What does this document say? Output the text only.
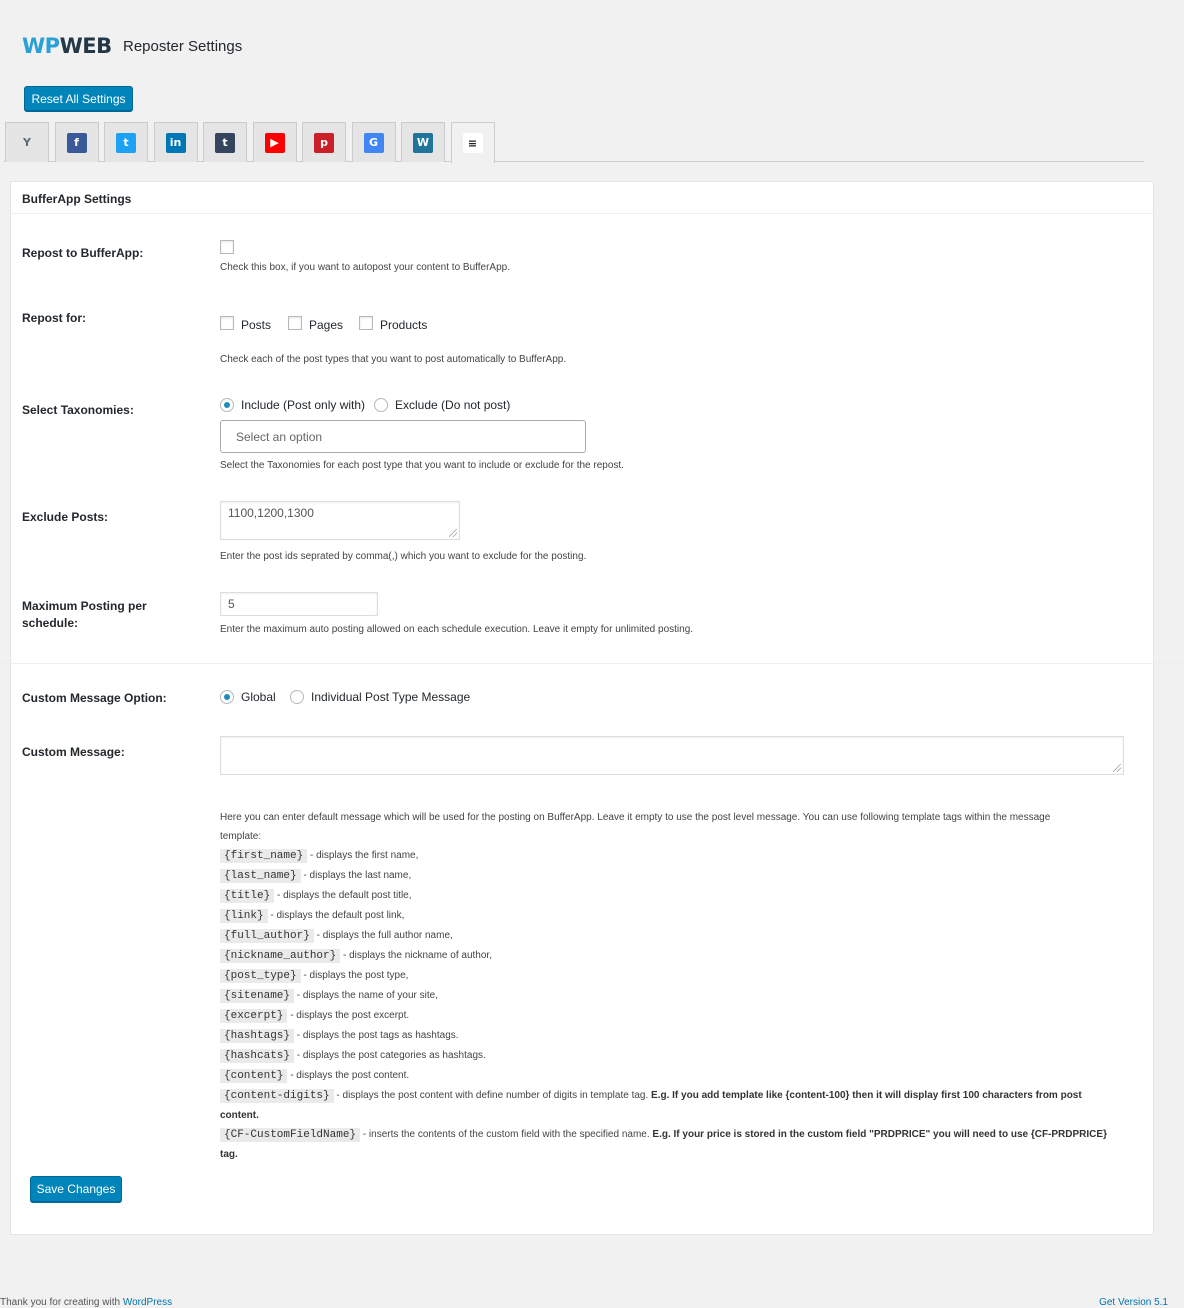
WPWEB Reposter Settings
Reset All Settings
Y	f	t	in	t	▶	p	G	W	≡
BufferApp Settings
Repost to BufferApp:
Check this box, if you want to autopost your content to BufferApp.
Repost for:	Posts	Pages	Products
Check each of the post types that you want to post automatically to BufferApp.
Select Taxonomies:	Include (Post only with) Exclude (Do not post)
Select an option
Select the Taxonomies for each post type that you want to include or exclude for the repost.
Exclude Posts:	1100,1200,1300
Enter the post ids seprated by comma(,) which you want to exclude for the posting.
Maximum Posting per
schedule:
5
Enter the maximum auto posting allowed on each schedule execution. Leave it empty for unlimited posting.
Custom Message Option:	Global	Individual Post Type Message
Custom Message:
Here you can enter default message which will be used for the posting on BufferApp. Leave it empty to use the post level message. You can use following template tags within the message
template:
{first_name} - displays the first name,
{last_name} - displays the last name,
{title} - displays the default post title,
{link} - displays the default post link,
{full_author} - displays the full author name,
{nickname_author} - displays the nickname of author,
{post_type} - displays the post type,
{sitename} - displays the name of your site,
{excerpt} - displays the post excerpt.
{hashtags} - displays the post tags as hashtags.
{hashcats} - displays the post categories as hashtags.
{content} - displays the post content.
{content-digits} - displays the post content with define number of digits in template tag. E.g. If you add template like {content-100} then it will display first 100 characters from post
content.
{CF-CustomFieldName} - inserts the contents of the custom field with the specified name. E.g. If your price is stored in the custom field "PRDPRICE" you will need to use {CF-PRDPRICE}
tag.
Save Changes
Thank you for creating with WordPress	Get Version 5.1
